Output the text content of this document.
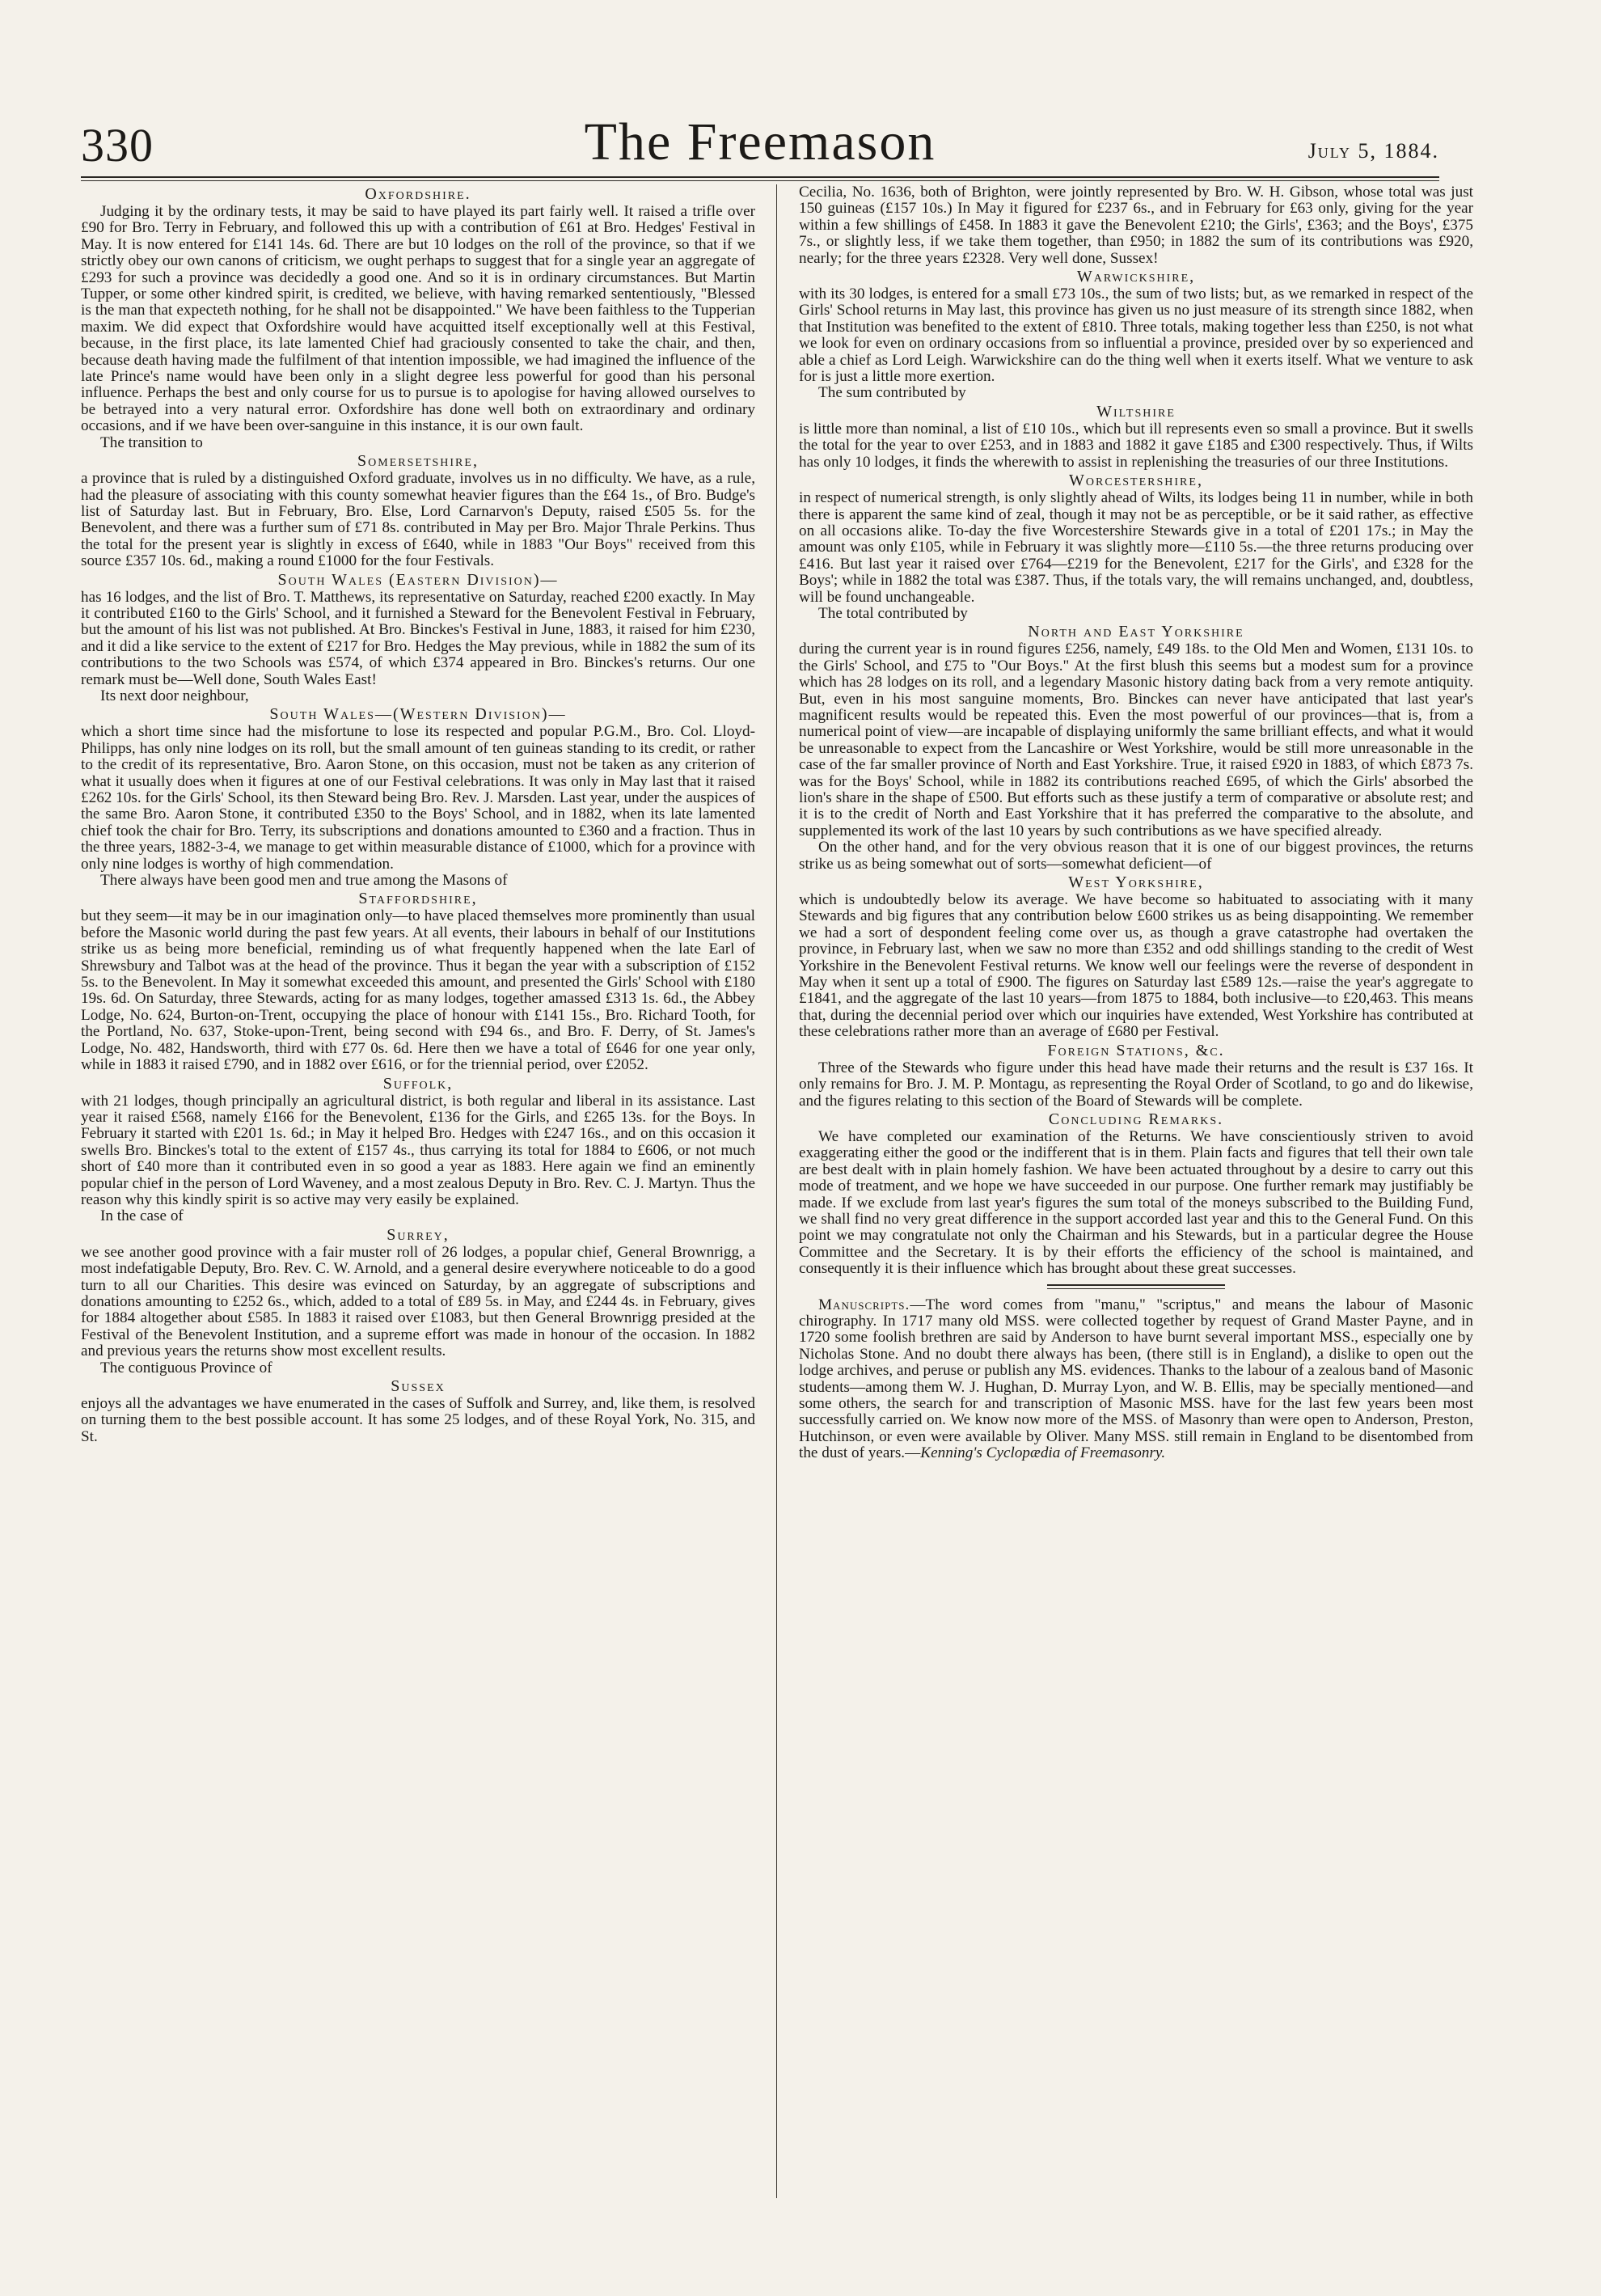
330	The Freemason	July 5, 1884.
Oxfordshire.

Judging it by the ordinary tests, it may be said to have played its part fairly well. It raised a trifle over £90 for Bro. Terry in February, and followed this up with a contribution of £61 at Bro. Hedges' Festival in May. It is now entered for £141 14s. 6d. There are but 10 lodges on the roll of the province, so that if we strictly obey our own canons of criticism, we ought perhaps to suggest that for a single year an aggregate of £293 for such a province was decidedly a good one. And so it is in ordinary circumstances. But Martin Tupper, or some other kindred spirit, is credited, we believe, with having remarked sententiously, "Blessed is the man that expecteth nothing, for he shall not be disappointed." We have been faithless to the Tupperian maxim. We did expect that Oxfordshire would have acquitted itself exceptionally well at this Festival, because, in the first place, its late lamented Chief had graciously consented to take the chair, and then, because death having made the fulfilment of that intention impossible, we had imagined the influence of the late Prince's name would have been only in a slight degree less powerful for good than his personal influence. Perhaps the best and only course for us to pursue is to apologise for having allowed ourselves to be betrayed into a very natural error. Oxfordshire has done well both on extraordinary and ordinary occasions, and if we have been over-sanguine in this instance, it is our own fault.

The transition to

Somersetshire,

a province that is ruled by a distinguished Oxford graduate, involves us in no difficulty. We have, as a rule, had the pleasure of associating with this county somewhat heavier figures than the £64 1s., of Bro. Budge's list of Saturday last. But in February, Bro. Else, Lord Carnarvon's Deputy, raised £505 5s. for the Benevolent, and there was a further sum of £71 8s. contributed in May per Bro. Major Thrale Perkins. Thus the total for the present year is slightly in excess of £640, while in 1883 "Our Boys" received from this source £357 10s. 6d., making a round £1000 for the four Festivals.

South Wales (Eastern Division)—

has 16 lodges, and the list of Bro. T. Matthews, its representative on Saturday, reached £200 exactly. In May it contributed £160 to the Girls' School, and it furnished a Steward for the Benevolent Festival in February, but the amount of his list was not published. At Bro. Binckes's Festival in June, 1883, it raised for him £230, and it did a like service to the extent of £217 for Bro. Hedges the May previous, while in 1882 the sum of its contributions to the two Schools was £574, of which £374 appeared in Bro. Binckes's returns. Our one remark must be—Well done, South Wales East!

Its next door neighbour,

South Wales—(Western Division)—

which a short time since had the misfortune to lose its respected and popular P.G.M., Bro. Col. Lloyd-Philipps, has only nine lodges on its roll, but the small amount of ten guineas standing to its credit, or rather to the credit of its representative, Bro. Aaron Stone, on this occasion, must not be taken as any criterion of what it usually does when it figures at one of our Festival celebrations. It was only in May last that it raised £262 10s. for the Girls' School, its then Steward being Bro. Rev. J. Marsden. Last year, under the auspices of the same Bro. Aaron Stone, it contributed £350 to the Boys' School, and in 1882, when its late lamented chief took the chair for Bro. Terry, its subscriptions and donations amounted to £360 and a fraction. Thus in the three years, 1882-3-4, we manage to get within measurable distance of £1000, which for a province with only nine lodges is worthy of high commendation.

There always have been good men and true among the Masons of

Staffordshire,

but they seem—it may be in our imagination only—to have placed themselves more prominently than usual before the Masonic world during the past few years. At all events, their labours in behalf of our Institutions strike us as being more beneficial, reminding us of what frequently happened when the late Earl of Shrewsbury and Talbot was at the head of the province. Thus it began the year with a subscription of £152 5s. to the Benevolent. In May it somewhat exceeded this amount, and presented the Girls' School with £180 19s. 6d. On Saturday, three Stewards, acting for as many lodges, together amassed £313 1s. 6d., the Abbey Lodge, No. 624, Burton-on-Trent, occupying the place of honour with £141 15s., Bro. Richard Tooth, for the Portland, No. 637, Stoke-upon-Trent, being second with £94 6s., and Bro. F. Derry, of St. James's Lodge, No. 482, Handsworth, third with £77 0s. 6d. Here then we have a total of £646 for one year only, while in 1883 it raised £790, and in 1882 over £616, or for the triennial period, over £2052.

Suffolk,

with 21 lodges, though principally an agricultural district, is both regular and liberal in its assistance. Last year it raised £568, namely £166 for the Benevolent, £136 for the Girls, and £265 13s. for the Boys. In February it started with £201 1s. 6d.; in May it helped Bro. Hedges with £247 16s., and on this occasion it swells Bro. Binckes's total to the extent of £157 4s., thus carrying its total for 1884 to £606, or not much short of £40 more than it contributed even in so good a year as 1883. Here again we find an eminently popular chief in the person of Lord Waveney, and a most zealous Deputy in Bro. Rev. C. J. Martyn. Thus the reason why this kindly spirit is so active may very easily be explained.

In the case of

Surrey,

we see another good province with a fair muster roll of 26 lodges, a popular chief, General Brownrigg, a most indefatigable Deputy, Bro. Rev. C. W. Arnold, and a general desire everywhere noticeable to do a good turn to all our Charities. This desire was evinced on Saturday, by an aggregate of subscriptions and donations amounting to £252 6s., which, added to a total of £89 5s. in May, and £244 4s. in February, gives for 1884 altogether about £585. In 1883 it raised over £1083, but then General Brownrigg presided at the Festival of the Benevolent Institution, and a supreme effort was made in honour of the occasion. In 1882 and previous years the returns show most excellent results.

The contiguous Province of

Sussex

enjoys all the advantages we have enumerated in the cases of Suffolk and Surrey, and, like them, is resolved on turning them to the best possible account. It has some 25 lodges, and of these Royal York, No. 315, and St.

Cecilia, No. 1636, both of Brighton, were jointly represented by Bro. W. H. Gibson, whose total was just 150 guineas (£157 10s.) In May it figured for £237 6s., and in February for £63 only, giving for the year within a few shillings of £458. In 1883 it gave the Benevolent £210; the Girls', £363; and the Boys', £375 7s., or slightly less, if we take them together, than £950; in 1882 the sum of its contributions was £920, nearly; for the three years £2328. Very well done, Sussex!

Warwickshire,

with its 30 lodges, is entered for a small £73 10s., the sum of two lists; but, as we remarked in respect of the Girls' School returns in May last, this province has given us no just measure of its strength since 1882, when that Institution was benefited to the extent of £810. Three totals, making together less than £250, is not what we look for even on ordinary occasions from so influential a province, presided over by so experienced and able a chief as Lord Leigh. Warwickshire can do the thing well when it exerts itself. What we venture to ask for is just a little more exertion.

The sum contributed by

Wiltshire

is little more than nominal, a list of £10 10s., which but ill represents even so small a province. But it swells the total for the year to over £253, and in 1883 and 1882 it gave £185 and £300 respectively. Thus, if Wilts has only 10 lodges, it finds the wherewith to assist in replenishing the treasuries of our three Institutions.

Worcestershire,

in respect of numerical strength, is only slightly ahead of Wilts, its lodges being 11 in number, while in both there is apparent the same kind of zeal, though it may not be as perceptible, or be it said rather, as effective on all occasions alike. To-day the five Worcestershire Stewards give in a total of £201 17s.; in May the amount was only £105, while in February it was slightly more—£110 5s.—the three returns producing over £416. But last year it raised over £764—£219 for the Benevolent, £217 for the Girls', and £328 for the Boys'; while in 1882 the total was £387. Thus, if the totals vary, the will remains unchanged, and, doubtless, will be found unchangeable.

The total contributed by

North and East Yorkshire

during the current year is in round figures £256, namely, £49 18s. to the Old Men and Women, £131 10s. to the Girls' School, and £75 to "Our Boys." At the first blush this seems but a modest sum for a province which has 28 lodges on its roll, and a legendary Masonic history dating back from a very remote antiquity. But, even in his most sanguine moments, Bro. Binckes can never have anticipated that last year's magnificent results would be repeated this. Even the most powerful of our provinces—that is, from a numerical point of view—are incapable of displaying uniformly the same brilliant effects, and what it would be unreasonable to expect from the Lancashire or West Yorkshire, would be still more unreasonable in the case of the far smaller province of North and East Yorkshire. True, it raised £920 in 1883, of which £873 7s. was for the Boys' School, while in 1882 its contributions reached £695, of which the Girls' absorbed the lion's share in the shape of £500. But efforts such as these justify a term of comparative or absolute rest; and it is to the credit of North and East Yorkshire that it has preferred the comparative to the absolute, and supplemented its work of the last 10 years by such contributions as we have specified already.

On the other hand, and for the very obvious reason that it is one of our biggest provinces, the returns strike us as being somewhat out of sorts—somewhat deficient—of

West Yorkshire,

which is undoubtedly below its average. We have become so habituated to associating with it many Stewards and big figures that any contribution below £600 strikes us as being disappointing. We remember we had a sort of despondent feeling come over us, as though a grave catastrophe had overtaken the province, in February last, when we saw no more than £352 and odd shillings standing to the credit of West Yorkshire in the Benevolent Festival returns. We know well our feelings were the reverse of despondent in May when it sent up a total of £900. The figures on Saturday last £589 12s.—raise the year's aggregate to £1841, and the aggregate of the last 10 years—from 1875 to 1884, both inclusive—to £20,463. This means that, during the decennial period over which our inquiries have extended, West Yorkshire has contributed at these celebrations rather more than an average of £680 per Festival.

Foreign Stations, &c.

Three of the Stewards who figure under this head have made their returns and the result is £37 16s. It only remains for Bro. J. M. P. Montagu, as representing the Royal Order of Scotland, to go and do likewise, and the figures relating to this section of the Board of Stewards will be complete.

Concluding Remarks.

We have completed our examination of the Returns. We have conscientiously striven to avoid exaggerating either the good or the indifferent that is in them. Plain facts and figures that tell their own tale are best dealt with in plain homely fashion. We have been actuated throughout by a desire to carry out this mode of treatment, and we hope we have succeeded in our purpose. One further remark may justifiably be made. If we exclude from last year's figures the sum total of the moneys subscribed to the Building Fund, we shall find no very great difference in the support accorded last year and this to the General Fund. On this point we may congratulate not only the Chairman and his Stewards, but in a particular degree the House Committee and the Secretary. It is by their efforts the efficiency of the school is maintained, and consequently it is their influence which has brought about these great successes.

Manuscripts.—The word comes from "manu," "scriptus," and means the labour of Masonic chirography. In 1717 many old MSS. were collected together by request of Grand Master Payne, and in 1720 some foolish brethren are said by Anderson to have burnt several important MSS., especially one by Nicholas Stone. And no doubt there always has been, (there still is in England), a dislike to open out the lodge archives, and peruse or publish any MS. evidences. Thanks to the labour of a zealous band of Masonic students—among them W. J. Hughan, D. Murray Lyon, and W. B. Ellis, may be specially mentioned—and some others, the search for and transcription of Masonic MSS. have for the last few years been most successfully carried on. We know now more of the MSS. of Masonry than were open to Anderson, Preston, Hutchinson, or even were available by Oliver. Many MSS. still remain in England to be disentombed from the dust of years.—Kenning's Cyclopædia of Freemasonry.
